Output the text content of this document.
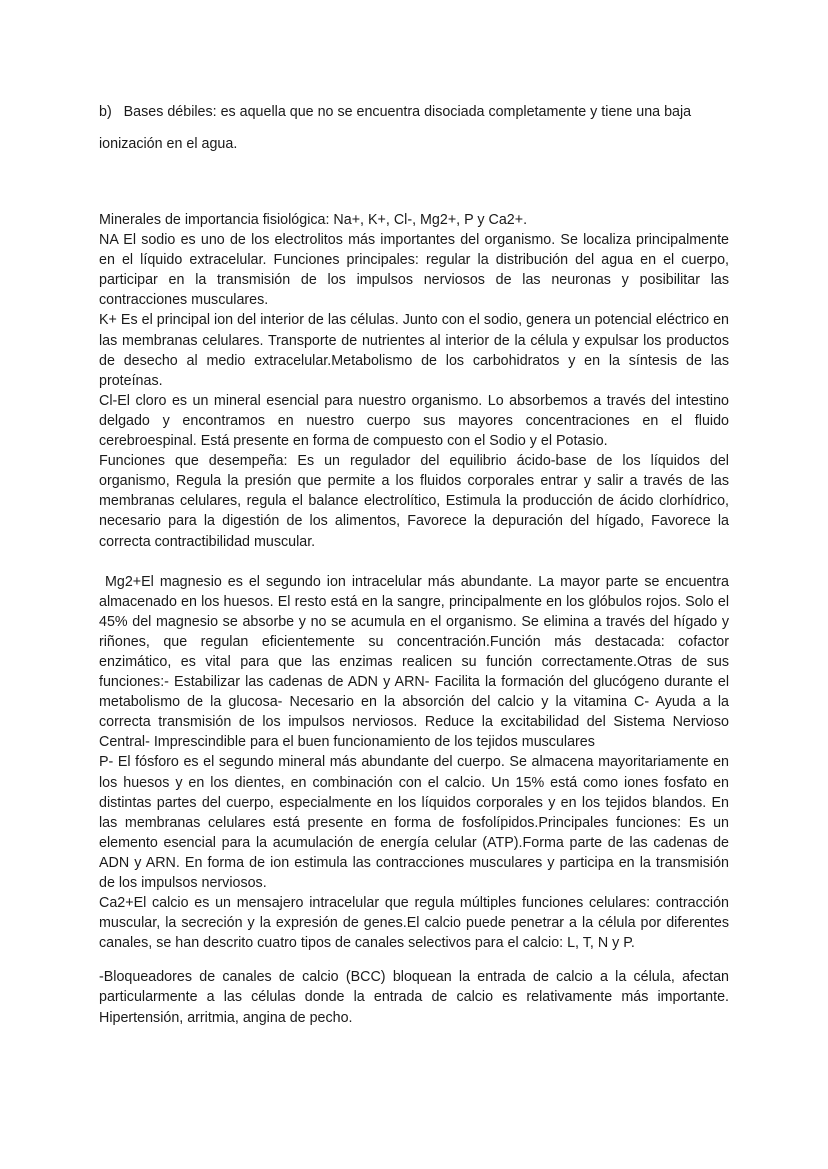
b)   Bases débiles: es aquella que no se encuentra disociada completamente y tiene una baja ionización en el agua.

Minerales de importancia fisiológica: Na+, K+, Cl-, Mg2+, P y Ca2+.

NA El sodio es uno de los electrolitos más importantes del organismo. Se localiza principalmente en el líquido extracelular. Funciones principales: regular la distribución del agua en el cuerpo, participar en la transmisión de los impulsos nerviosos de las neuronas y posibilitar las contracciones musculares.

K+ Es el principal ion del interior de las células. Junto con el sodio, genera un potencial eléctrico en las membranas celulares. Transporte de nutrientes al interior de la célula y expulsar los productos de desecho al medio extracelular.Metabolismo de los carbohidratos y en la síntesis de las proteínas.

Cl-El cloro es un mineral esencial para nuestro organismo. Lo absorbemos a través del intestino delgado y encontramos en nuestro cuerpo sus mayores concentraciones en el fluido cerebroespinal. Está presente en forma de compuesto con el Sodio y el Potasio.

Funciones que desempeña: Es un regulador del equilibrio ácido-base de los líquidos del organismo, Regula la presión que permite a los fluidos corporales entrar y salir a través de las membranas celulares, regula el balance electrolítico, Estimula la producción de ácido clorhídrico, necesario para la digestión de los alimentos, Favorece la depuración del hígado, Favorece la correcta contractibilidad muscular.

Mg2+El magnesio es el segundo ion intracelular más abundante. La mayor parte se encuentra almacenado en los huesos. El resto está en la sangre, principalmente en los glóbulos rojos. Solo el 45% del magnesio se absorbe y no se acumula en el organismo. Se elimina a través del hígado y riñones, que regulan eficientemente su concentración.Función más destacada: cofactor enzimático, es vital para que las enzimas realicen su función correctamente.Otras de sus funciones:- Estabilizar las cadenas de ADN y ARN- Facilita la formación del glucógeno durante el metabolismo de la glucosa- Necesario en la absorción del calcio y la vitamina C- Ayuda a la correcta transmisión de los impulsos nerviosos. Reduce la excitabilidad del Sistema Nervioso Central- Imprescindible para el buen funcionamiento de los tejidos musculares

P- El fósforo es el segundo mineral más abundante del cuerpo. Se almacena mayoritariamente en los huesos y en los dientes, en combinación con el calcio. Un 15% está como iones fosfato en distintas partes del cuerpo, especialmente en los líquidos corporales y en los tejidos blandos. En las membranas celulares está presente en forma de fosfolípidos.Principales funciones: Es un elemento esencial para la acumulación de energía celular (ATP).Forma parte de las cadenas de ADN y ARN. En forma de ion estimula las contracciones musculares y participa en la transmisión de los impulsos nerviosos.

Ca2+El calcio es un mensajero intracelular que regula múltiples funciones celulares: contracción muscular, la secreción y la expresión de genes.El calcio puede penetrar a la célula por diferentes canales, se han descrito cuatro tipos de canales selectivos para el calcio: L, T, N y P.

-Bloqueadores de canales de calcio (BCC) bloquean la entrada de calcio a la célula, afectan particularmente a las células donde la entrada de calcio es relativamente más importante. Hipertensión, arritmia, angina de pecho.
